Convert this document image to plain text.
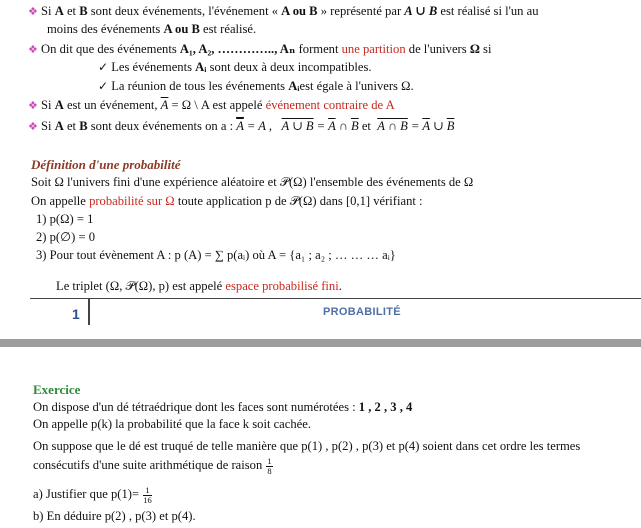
❖ Si A et B sont deux événements, l'événement « A ou B » représenté par A ∪ B est réalisé si l'un au
moins des événements A ou B est réalisé.
❖ On dit que des événements A₁, A₂, ………….., Aₙ forment une partition de l'univers Ω si
✓ Les événements Aᵢ sont deux à deux incompatibles.
✓ La réunion de tous les événements Aᵢest égale à l'univers Ω.
❖ Si A est un événement, $\overline{A} = \Omega$ \ A est appelé événement contraire de A
❖ Si A et B sont deux événements on a : $\overline{A} = A$ , A ∪ $B = \overline{A}$ ∩ $\overline{B}$ et  A ∩ $B = \overline{A}$ ∪ $\overline{B}$
Définition d'une probabilité
Soit Ω l'univers fini d'une expérience aléatoire et 𝒫(Ω) l'ensemble des événements de Ω
On appelle probabilité sur Ω toute application p de 𝒫(Ω) dans [0,1] vérifiant :
1) p(Ω) = 1
2) p(∅) = 0
3) Pour tout évènement A : p (A) = ∑ p(aᵢ) où A = {a₁ ; a₂ ; … … … aᵢ}
Le triplet (Ω, 𝒫(Ω), p) est appelé espace probabilisé fini.
1	PROBABILITÉ
Exercice
On dispose d'un dé tétraédrique dont les faces sont numérotées : 1 , 2 , 3 , 4
On appelle p(k) la probabilité que la face k soit cachée.
On suppose que le dé est truqué de telle manière que p(1) , p(2) , p(3) et p(4) soient dans cet ordre les termes
consécutifs d'une suite arithmétique de raison $\frac{1}{8}$
a) Justifier que $p(1)= \frac{1}{16}$
b) En déduire p(2) , p(3) et p(4).
